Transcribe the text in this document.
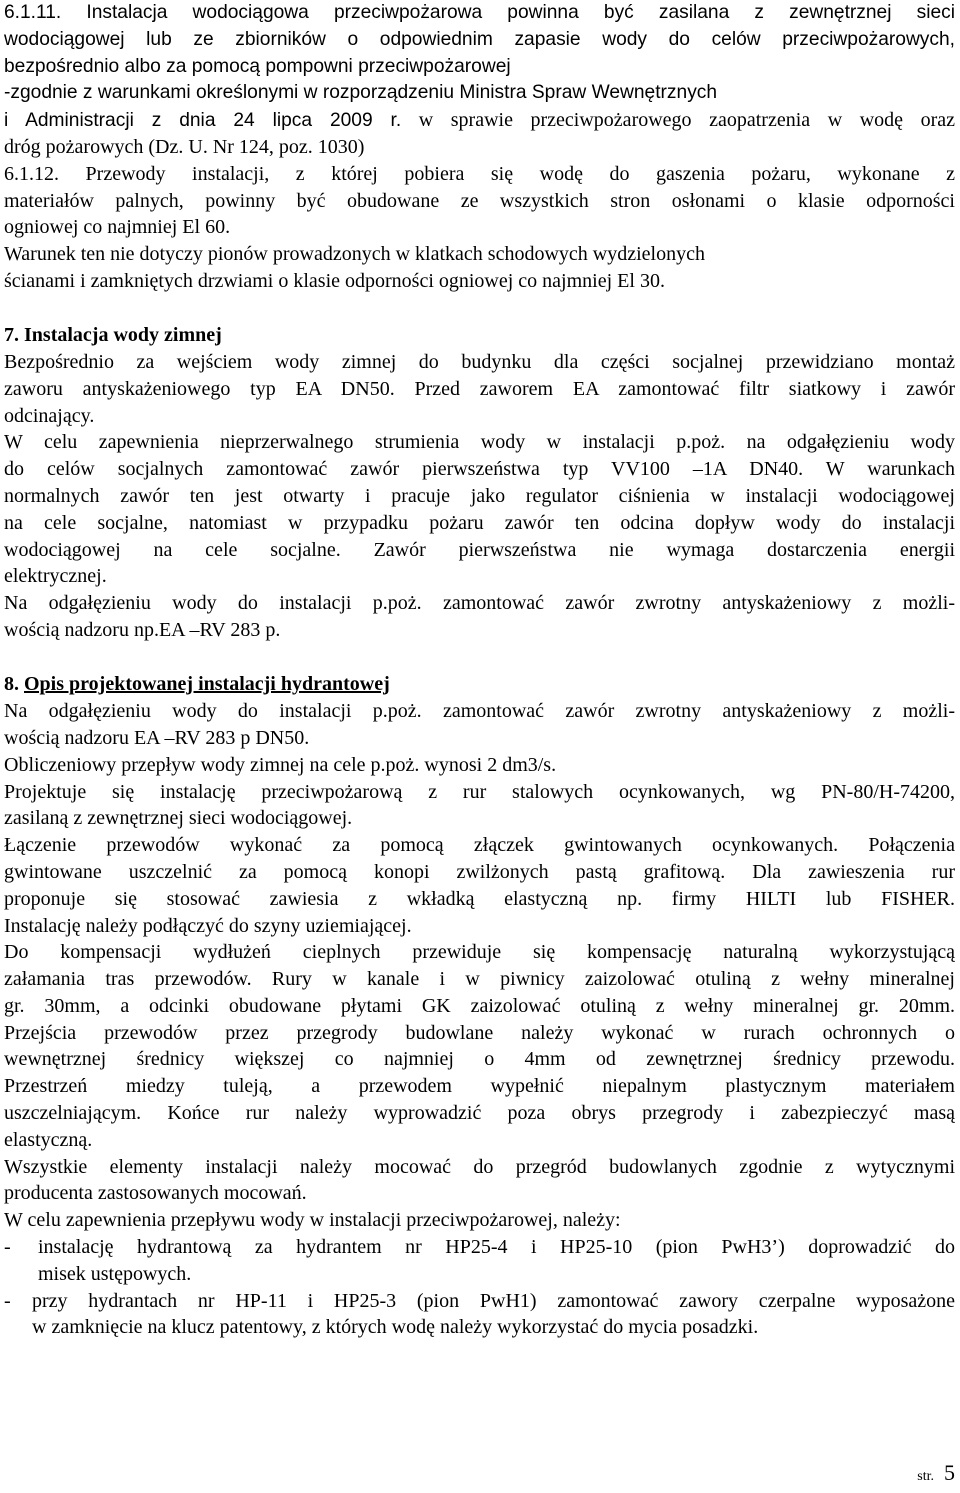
6.1.11. Instalacja wodociągowa przeciwpożarowa powinna być zasilana z zewnętrznej sieci
wodociągowej lub ze zbiorników o odpowiednim zapasie wody do celów przeciwpożarowych,
bezpośrednio albo za pomocą pompowni przeciwpożarowej
-zgodnie z warunkami określonymi w rozporządzeniu Ministra Spraw Wewnętrznych
i Administracji z dnia 24 lipca 2009 r. w sprawie przeciwpożarowego zaopatrzenia w wodę oraz
dróg pożarowych (Dz. U. Nr 124, poz. 1030)
6.1.12. Przewody instalacji, z której pobiera się wodę do gaszenia pożaru, wykonane z
materiałów palnych, powinny być obudowane ze wszystkich stron osłonami o klasie odporności
ogniowej co najmniej El 60.
Warunek ten nie dotyczy pionów prowadzonych w klatkach schodowych wydzielonych
ścianami i zamkniętych drzwiami o klasie odporności ogniowej co najmniej El 30.
7. Instalacja wody zimnej
Bezpośrednio za wejściem wody zimnej do budynku dla części socjalnej przewidziano montaż
zaworu antyskażeniowego typ EA DN50. Przed zaworem EA zamontować filtr siatkowy i zawór
odcinający.
W celu zapewnienia nieprzerwalnego strumienia wody w instalacji p.poż. na odgałęzieniu wody
do celów socjalnych zamontować zawór pierwszeństwa typ VV100 –1A DN40. W warunkach
normalnych zawór ten jest otwarty i pracuje jako regulator ciśnienia w instalacji wodociągowej
na cele socjalne, natomiast w przypadku pożaru zawór ten odcina dopływ wody do instalacji
wodociągowej na cele socjalne. Zawór pierwszeństwa nie wymaga dostarczenia energii
elektrycznej.
Na odgałęzieniu wody do instalacji p.poż. zamontować zawór zwrotny antyskażeniowy z możli-
wością nadzoru np.EA –RV 283 p.
8. Opis projektowanej instalacji hydrantowej
Na odgałęzieniu wody do instalacji p.poż. zamontować zawór zwrotny antyskażeniowy z możli-
wością nadzoru EA –RV 283 p DN50.
Obliczeniowy przepływ wody zimnej na cele p.poż. wynosi 2 dm3/s.
Projektuje się instalację przeciwpożarową z rur stalowych ocynkowanych, wg PN-80/H-74200,
zasilaną z zewnętrznej sieci wodociągowej.
Łączenie przewodów wykonać za pomocą złączek gwintowanych ocynkowanych. Połączenia
gwintowane uszczelnić za pomocą konopi zwilżonych pastą grafitową. Dla zawieszenia rur
proponuje się stosować zawiesia z wkładką elastyczną np. firmy HILTI lub FISHER.
Instalację należy podłączyć do szyny uziemiającej.
Do kompensacji wydłużeń cieplnych przewiduje się kompensację naturalną wykorzystującą
załamania tras przewodów. Rury w kanale i w piwnicy zaizolować otuliną z wełny mineralnej
gr. 30mm, a odcinki obudowane płytami GK zaizolować otuliną z wełny mineralnej gr. 20mm.
Przejścia przewodów przez przegrody budowlane należy wykonać w rurach ochronnych o
wewnętrznej średnicy większej co najmniej o 4mm od zewnętrznej średnicy przewodu.
Przestrzeń miedzy tuleją, a przewodem wypełnić niepalnym plastycznym materiałem
uszczelniającym. Końce rur należy wyprowadzić poza obrys przegrody i zabezpieczyć masą
elastyczną.
Wszystkie elementy instalacji należy mocować do przegród budowlanych zgodnie z wytycznymi
producenta zastosowanych mocowań.
W celu zapewnienia przepływu wody w instalacji przeciwpożarowej, należy:
- instalację hydrantową za hydrantem nr HP25-4 i HP25-10 (pion PwH3’) doprowadzić do
misek ustępowych.
- przy hydrantach nr HP-11 i HP25-3 (pion PwH1) zamontować zawory czerpalne wyposażone
w zamknięcie na klucz patentowy, z których wodę należy wykorzystać do mycia posadzki.
str. 5
